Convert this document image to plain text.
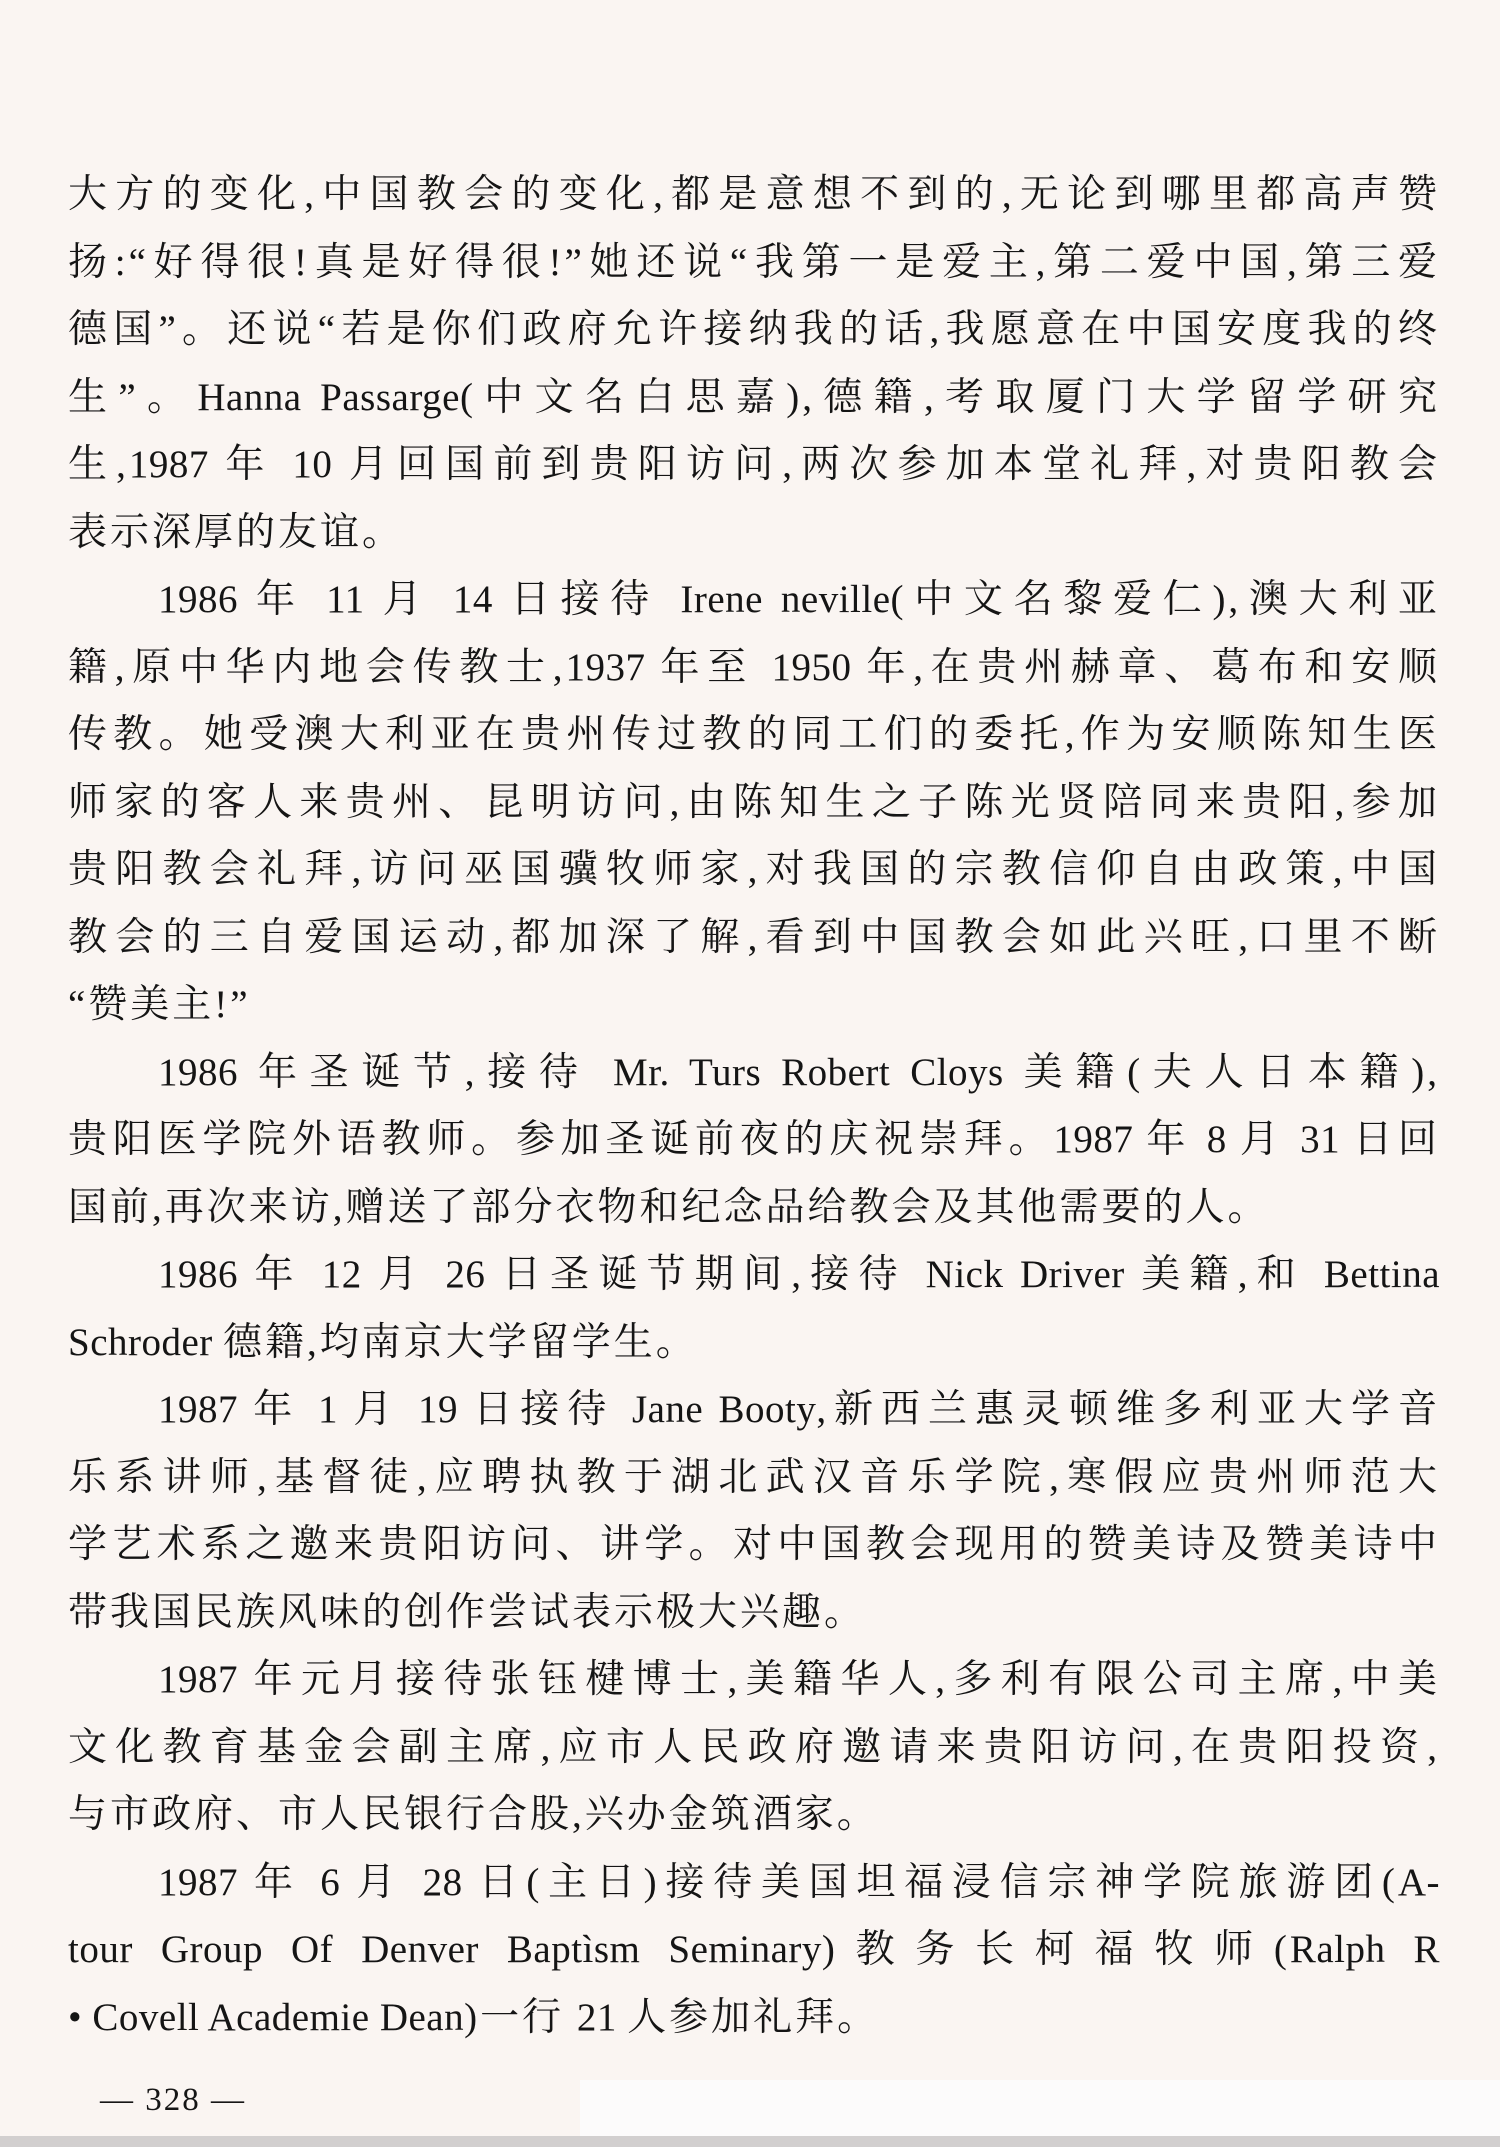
大方的变化,中国教会的变化,都是意想不到的,无论到哪里都高声赞
扬:“好得很!真是好得很!”她还说“我第一是爱主,第二爱中国,第三爱
德国”。还说“若是你们政府允许接纳我的话,我愿意在中国安度我的终
生”。Hanna Passarge(中文名白思嘉),德籍,考取厦门大学留学研究
生,1987 年 10 月回国前到贵阳访问,两次参加本堂礼拜,对贵阳教会
表示深厚的友谊。
1986 年 11 月 14 日接待 Irene neville(中文名黎爱仁),澳大利亚
籍,原中华内地会传教士,1937 年至 1950 年,在贵州赫章、葛布和安顺
传教。她受澳大利亚在贵州传过教的同工们的委托,作为安顺陈知生医
师家的客人来贵州、昆明访问,由陈知生之子陈光贤陪同来贵阳,参加
贵阳教会礼拜,访问巫国骥牧师家,对我国的宗教信仰自由政策,中国
教会的三自爱国运动,都加深了解,看到中国教会如此兴旺,口里不断
“赞美主!”
1986 年圣诞节,接待 Mr. Turs Robert Cloys 美籍(夫人日本籍),
贵阳医学院外语教师。参加圣诞前夜的庆祝崇拜。1987 年 8 月 31 日回
国前,再次来访,赠送了部分衣物和纪念品给教会及其他需要的人。
1986 年 12 月 26 日圣诞节期间,接待 Nick Driver 美籍,和 Bettina
Schroder 德籍,均南京大学留学生。
1987 年 1 月 19 日接待 Jane Booty,新西兰惠灵顿维多利亚大学音
乐系讲师,基督徒,应聘执教于湖北武汉音乐学院,寒假应贵州师范大
学艺术系之邀来贵阳访问、讲学。对中国教会现用的赞美诗及赞美诗中
带我国民族风味的创作尝试表示极大兴趣。
1987 年元月接待张钰楗博士,美籍华人,多利有限公司主席,中美
文化教育基金会副主席,应市人民政府邀请来贵阳访问,在贵阳投资,
与市政府、市人民银行合股,兴办金筑酒家。
1987 年 6 月 28 日(主日)接待美国坦福浸信宗神学院旅游团(A-
tour Group Of Denver Baptìsm Seminary)教务长柯福牧师(Ralph R
• Covell Academie Dean)一行 21 人参加礼拜。
— 328 —
